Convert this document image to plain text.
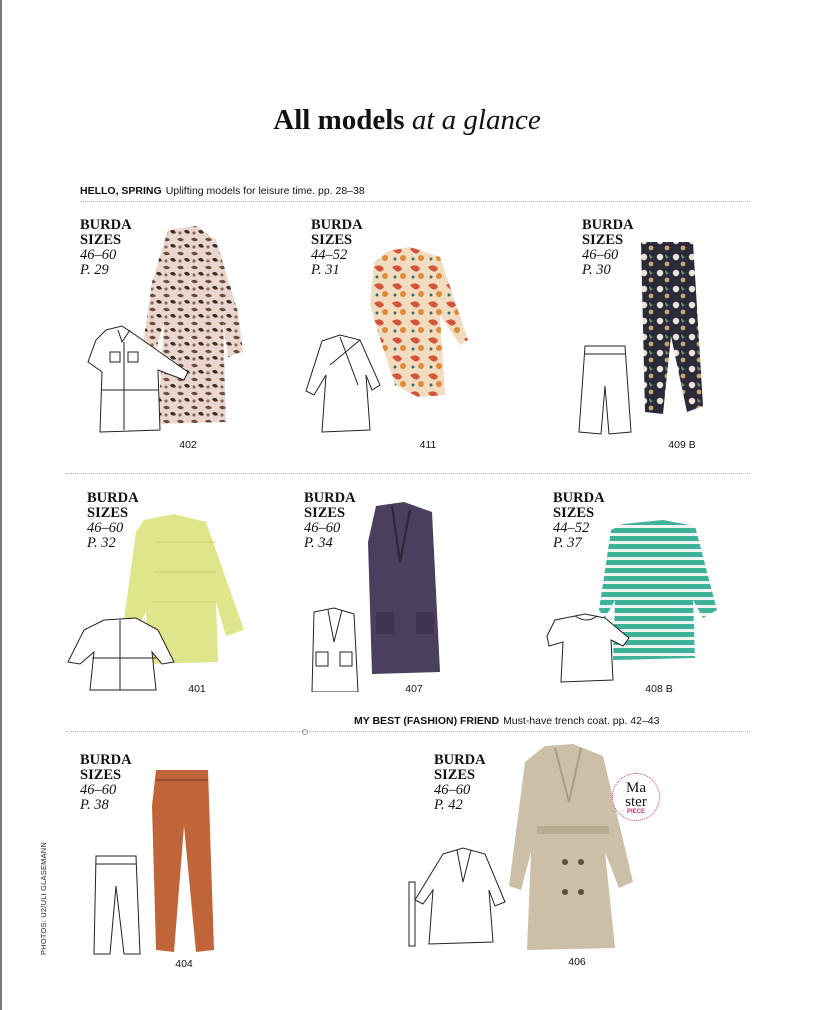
All models at a glance
HELLO, SPRING Uplifting models for leisure time. pp. 28–38
BURDA
SIZES
46–60
P. 29
402
BURDA
SIZES
44–52
P. 31
411
BURDA
SIZES
46–60
P. 30
409 B
BURDA
SIZES
46–60
P. 32
401
BURDA
SIZES
46–60
P. 34
407
BURDA
SIZES
44–52
P. 37
408 B
MY BEST (FASHION) FRIEND Must-have trench coat. pp. 42–43
BURDA
SIZES
46–60
P. 38
404
BURDA
SIZES
46–60
P. 42
Ma
ster
PIECE
406
PHOTOS: U2/ULI GLASEMANN
